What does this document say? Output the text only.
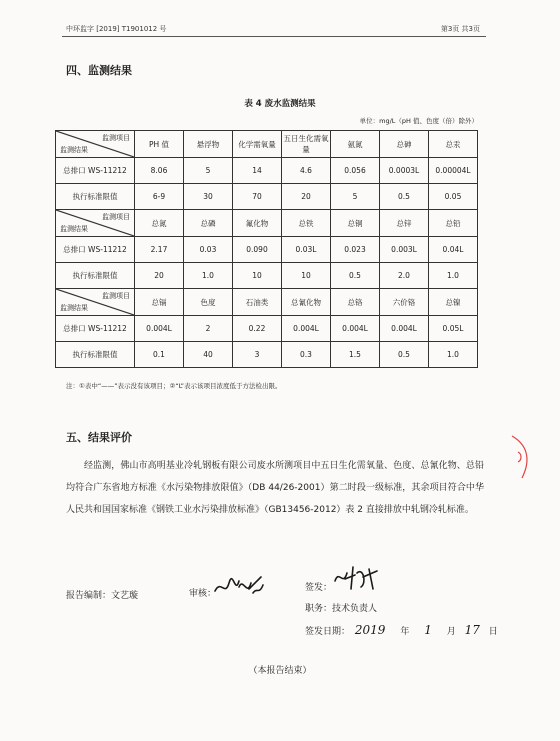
中环监字 [2019] T1901012 号	第3页 共3页
四、监测结果
表 4 废水监测结果
单位：mg/L（pH 值、色度（倍）除外）
监测项目
监测结果	PH 值	悬浮物	化学需氧量	五日生化需氧量	氨氮	总砷	总汞
总排口 WS-11212	8.06	5	14	4.6	0.056	0.0003L	0.00004L
执行标准限值	6-9	30	70	20	5	0.5	0.05

监测项目
监测结果	总氮	总磷	氟化物	总铁	总铜	总锌	总铅
总排口 WS-11212	2.17	0.03	0.090	0.03L	0.023	0.003L	0.04L
执行标准限值	20	1.0	10	10	0.5	2.0	1.0

监测项目
监测结果	总镉	色度	石油类	总氰化物	总铬	六价铬	总镍
总排口 WS-11212	0.004L	2	0.22	0.004L	0.004L	0.004L	0.05L
执行标准限值	0.1	40	3	0.3	1.5	0.5	1.0
注：①表中“——”表示没有该项目；②“L”表示该项目浓度低于方法检出限。
五、结果评价
经监测，佛山市高明基业冷轧钢板有限公司废水所测项目中五日生化需氧量、色度、总氰化物、总铅均符合广东省地方标准《水污染物排放限值》（DB 44/26-2001）第二时段一级标准，其余项目符合中华人民共和国国家标准《钢铁工业水污染排放标准》（GB13456-2012）表 2 直接排放中轧钢冷轧标准。
报告编制：文艺璇	审核：
签发：
职务：技术负责人
签发日期： 2019 年 1 月 17 日
（本报告结束）
